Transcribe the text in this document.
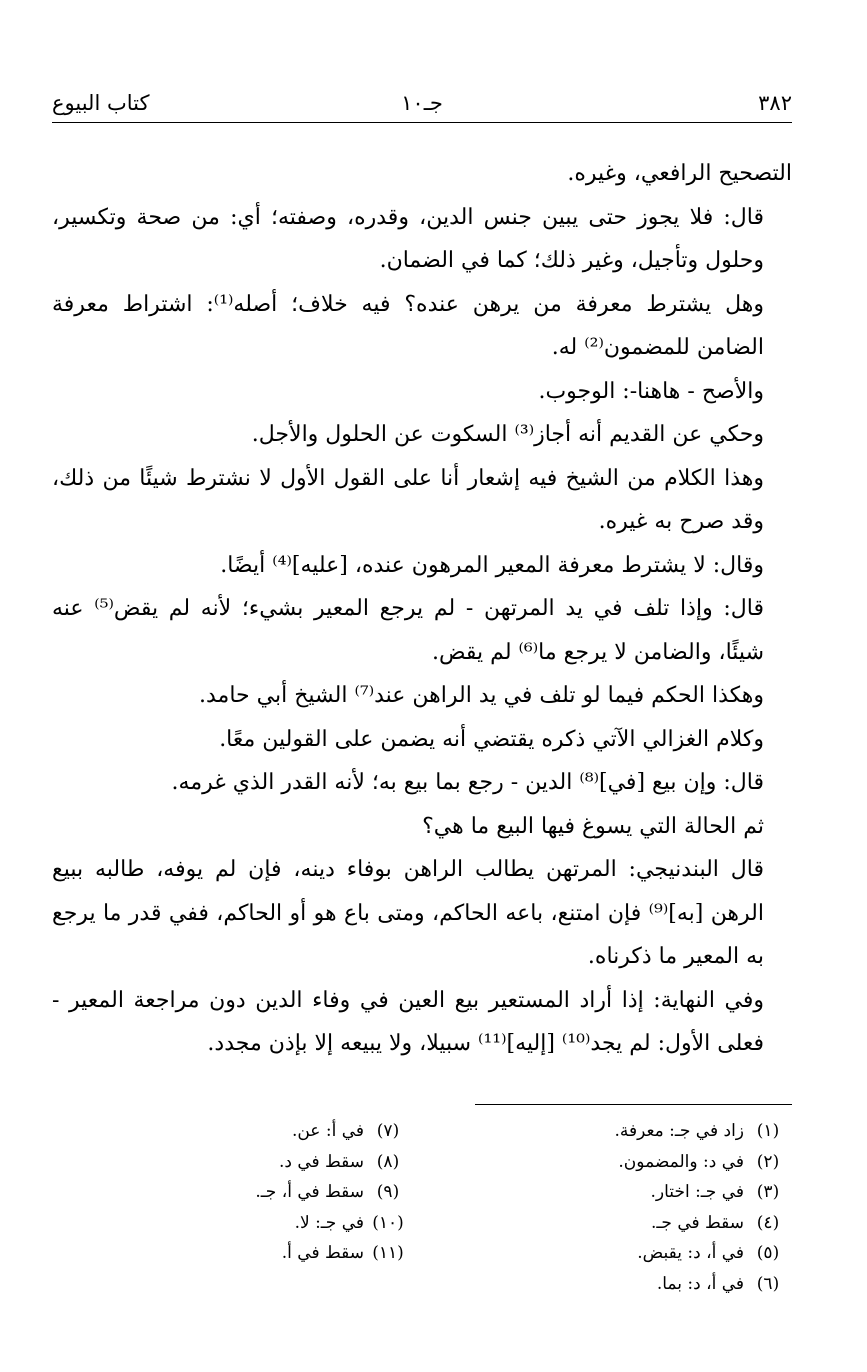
٣٨٢
جـ١٠
كتاب البيوع

التصحيح الرافعي، وغيره.

قال: فلا يجوز حتى يبين جنس الدين، وقدره، وصفته؛ أي: من صحة وتكسير، وحلول وتأجيل، وغير ذلك؛ كما في الضمان.

وهل يشترط معرفة من يرهن عنده؟ فيه خلاف؛ أصله⁽¹⁾: اشتراط معرفة الضامن للمضمون⁽²⁾ له.

والأصح - هاهنا-: الوجوب.

وحكي عن القديم أنه أجاز⁽³⁾ السكوت عن الحلول والأجل.

وهذا الكلام من الشيخ فيه إشعار أنا على القول الأول لا نشترط شيئًا من ذلك، وقد صرح به غيره.

وقال: لا يشترط معرفة المعير المرهون عنده، [عليه]⁽⁴⁾ أيضًا.

قال: وإذا تلف في يد المرتهن - لم يرجع المعير بشيء؛ لأنه لم يقض⁽⁵⁾ عنه شيئًا، والضامن لا يرجع ما⁽⁶⁾ لم يقض.

وهكذا الحكم فيما لو تلف في يد الراهن عند⁽⁷⁾ الشيخ أبي حامد.

وكلام الغزالي الآتي ذكره يقتضي أنه يضمن على القولين معًا.

قال: وإن بيع [في]⁽⁸⁾ الدين - رجع بما بيع به؛ لأنه القدر الذي غرمه.

ثم الحالة التي يسوغ فيها البيع ما هي؟

قال البندنيجي: المرتهن يطالب الراهن بوفاء دينه، فإن لم يوفه، طالبه ببيع الرهن [به]⁽⁹⁾ فإن امتنع، باعه الحاكم، ومتى باع هو أو الحاكم، ففي قدر ما يرجع به المعير ما ذكرناه.

وفي النهاية: إذا أراد المستعير بيع العين في وفاء الدين دون مراجعة المعير - فعلى الأول: لم يجد⁽¹⁰⁾ [إليه]⁽¹¹⁾ سبيلا، ولا يبيعه إلا بإذن مجدد.

(١)زاد في جـ: معرفة.
(٢)في د: والمضمون.
(٣)في جـ: اختار.
(٤)سقط في جـ.
(٥)في أ، د: يقبض.
(٦)في أ، د: بما.
(٧)في أ: عن.
(٨)سقط في د.
(٩)سقط في أ، جـ.
(١٠)في جـ: لا.
(١١)سقط في أ.
